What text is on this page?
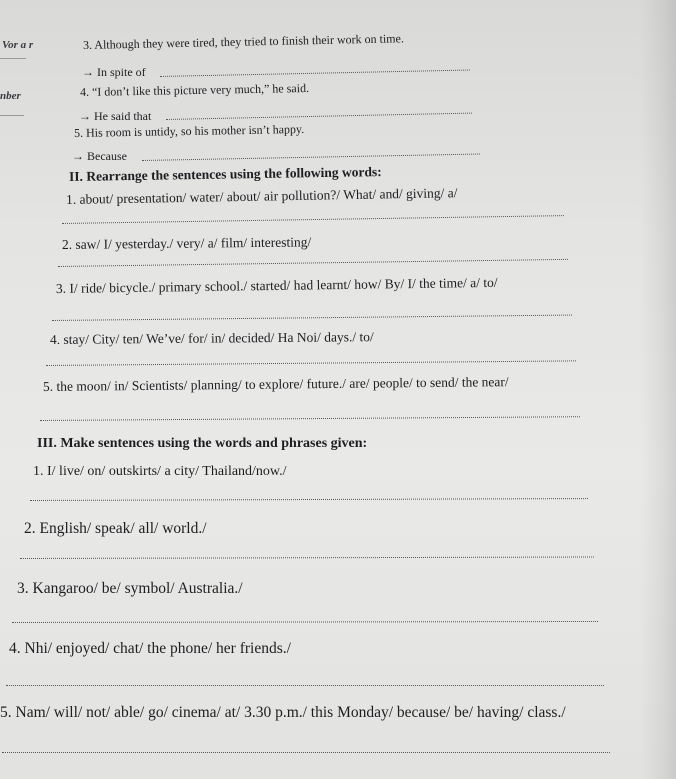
Vor a r
nber
3. Although they were tired, they tried to finish their work on time.
→ In spite of
4. “I don’t like this picture very much,” he said.
→ He said that
5. His room is untidy, so his mother isn’t happy.
→ Because
II. Rearrange the sentences using the following words:
1. about/ presentation/ water/ about/ air pollution?/ What/ and/ giving/ a/
2. saw/ I/ yesterday./ very/ a/ film/ interesting/
3. I/ ride/ bicycle./ primary school./ started/ had learnt/ how/ By/ I/ the time/ a/ to/
4. stay/ City/ ten/ We’ve/ for/ in/ decided/ Ha Noi/ days./ to/
5. the moon/ in/ Scientists/ planning/ to explore/ future./ are/ people/ to send/ the near/
III. Make sentences using the words and phrases given:
1. I/ live/ on/ outskirts/ a city/ Thailand/now./
2. English/ speak/ all/ world./
3. Kangaroo/ be/ symbol/ Australia./
4. Nhi/ enjoyed/ chat/ the phone/ her friends./
5. Nam/ will/ not/ able/ go/ cinema/ at/ 3.30 p.m./ this Monday/ because/ be/ having/ class./
